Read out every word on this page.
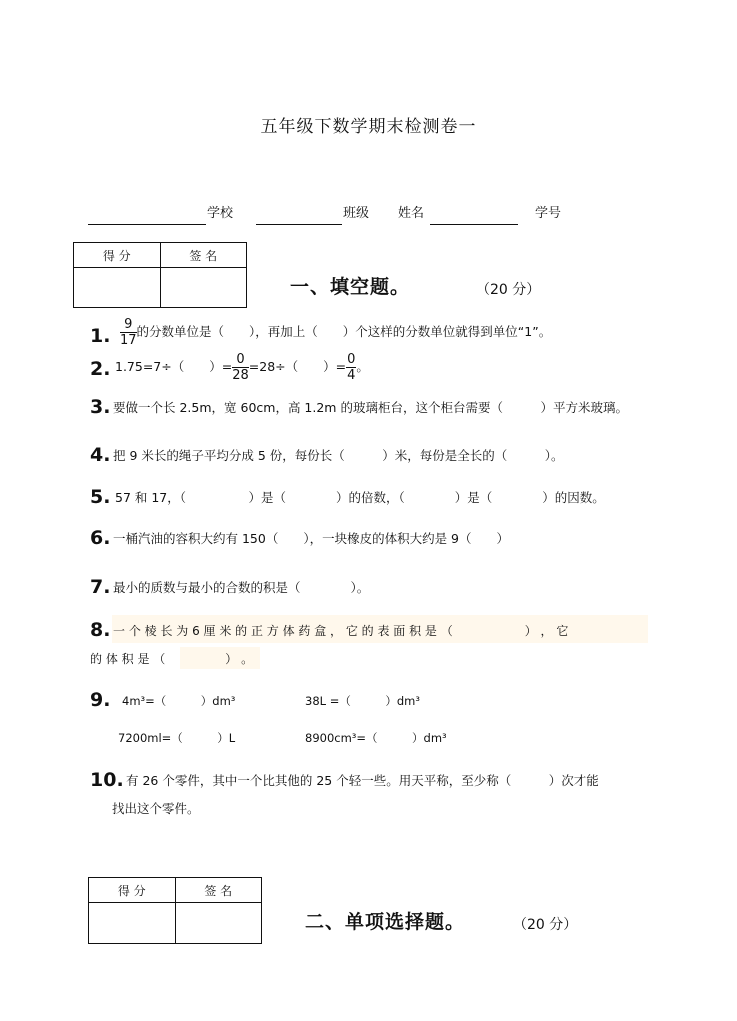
五年级下数学期末检测卷一
学校	班级 姓名	学号
得 分	签 名

一、填空题。	（20 分）
1. $\frac{9}{17}$ 的分数单位是（　　），再加上（　　）个这样的分数单位就得到单位“1”。
2. 1.75=7÷（　　）= $\frac{0}{28} =28\div$（　　）= $\frac{0}{4}$ 。
3. 要做一个长 2.5m，宽 60cm，高 1.2m 的玻璃柜台，这个柜台需要（　　　）平方米玻璃。
4. 把 9 米长的绳子平均分成 5 份，每份长（　　　）米，每份是全长的（　　　）。
5. 57 和 17，（　　　　　）是（　　　　）的倍数，（　　　　）是（　　　　）的因数。
6. 一桶汽油的容积大约有 150（　　），一块橡皮的体积大约是 9（　　）
7. 最小的质数与最小的合数的积是（　　　　）。
8. 一 个 棱 长 为 6 厘 米 的 正 方 体 药 盒 ， 它 的 表 面 积 是 （　　　　　　） ， 它
的 体 积 是 （　　　　　） 。
9. 4m³=（　　　）dm³	38L =（　　　）dm³
7200ml=（　　　）L	8900cm³=（　　　）dm³
10. 有 26 个零件，其中一个比其他的 25 个轻一些。用天平称，至少称（　　　）次才能
找出这个零件。
得 分	签 名

二、单项选择题。	（20 分）
